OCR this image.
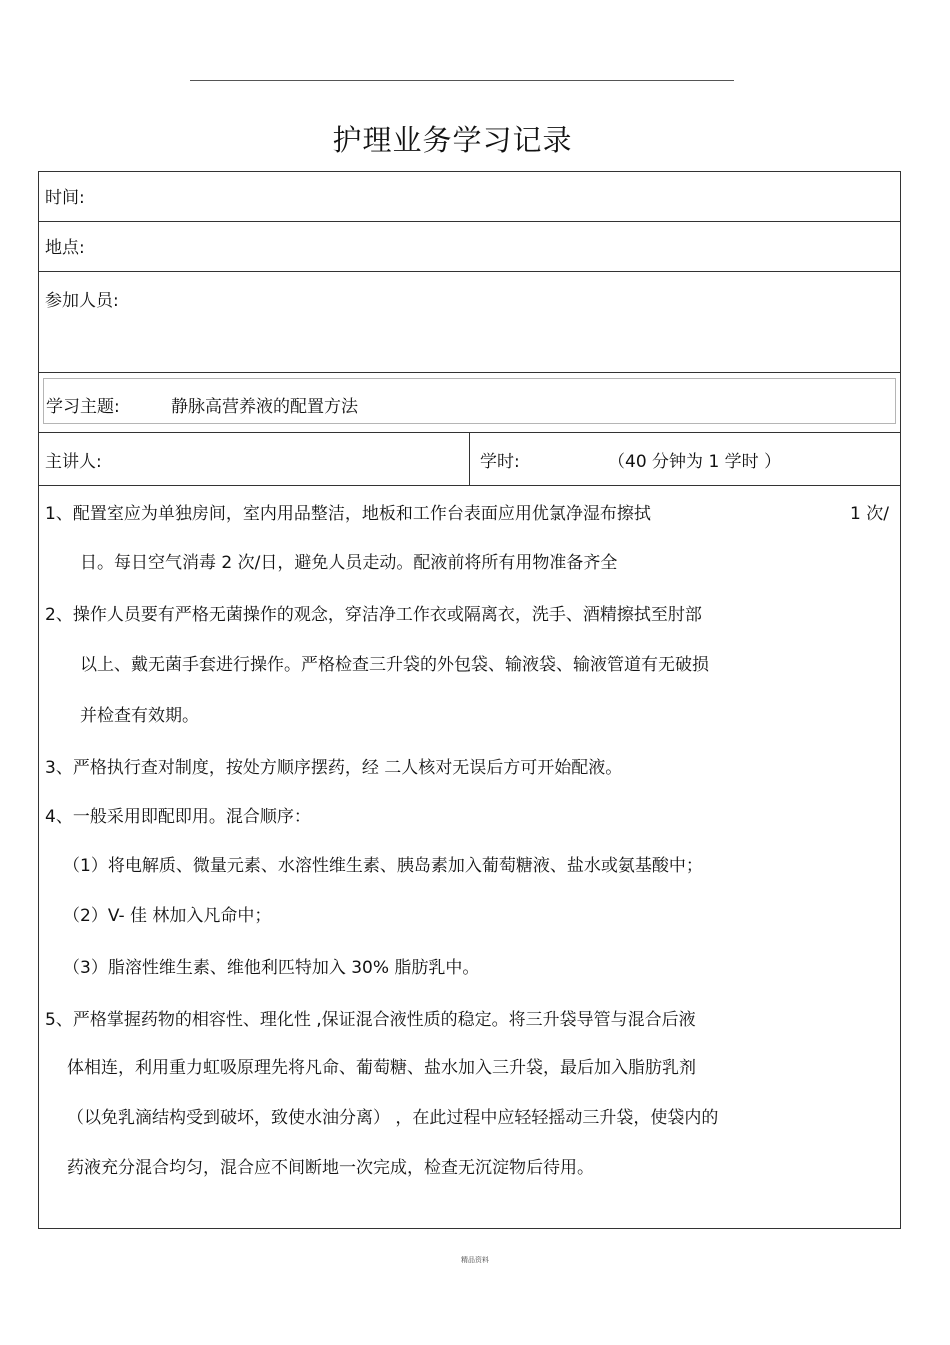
护理业务学习记录
时间:
地点:
参加人员:
学习主题:	静脉高营养液的配置方法
主讲人:	学时:	（40 分钟为 1 学时 ）
1、配置室应为单独房间，室内用品整洁，地板和工作台表面应用优氯净湿布擦拭	1 次/
日。每日空气消毒 2 次/日，避免人员走动。配液前将所有用物准备齐全
2、操作人员要有严格无菌操作的观念，穿洁净工作衣或隔离衣，洗手、酒精擦拭至肘部
以上、戴无菌手套进行操作。严格检查三升袋的外包袋、输液袋、输液管道有无破损
并检查有效期。
3、严格执行查对制度，按处方顺序摆药，经 二人核对无误后方可开始配液。
4、一般采用即配即用。混合顺序：
（1）将电解质、微量元素、水溶性维生素、胰岛素加入葡萄糖液、盐水或氨基酸中；
（2）V- 佳 林加入凡命中；
（3）脂溶性维生素、维他利匹特加入 30% 脂肪乳中。
5、严格掌握药物的相容性、理化性 ,保证混合液性质的稳定。将三升袋导管与混合后液
体相连，利用重力虹吸原理先将凡命、葡萄糖、盐水加入三升袋，最后加入脂肪乳剂
（以免乳滴结构受到破坏，致使水油分离） ，在此过程中应轻轻摇动三升袋，使袋内的
药液充分混合均匀，混合应不间断地一次完成，检查无沉淀物后待用。
精品资料
